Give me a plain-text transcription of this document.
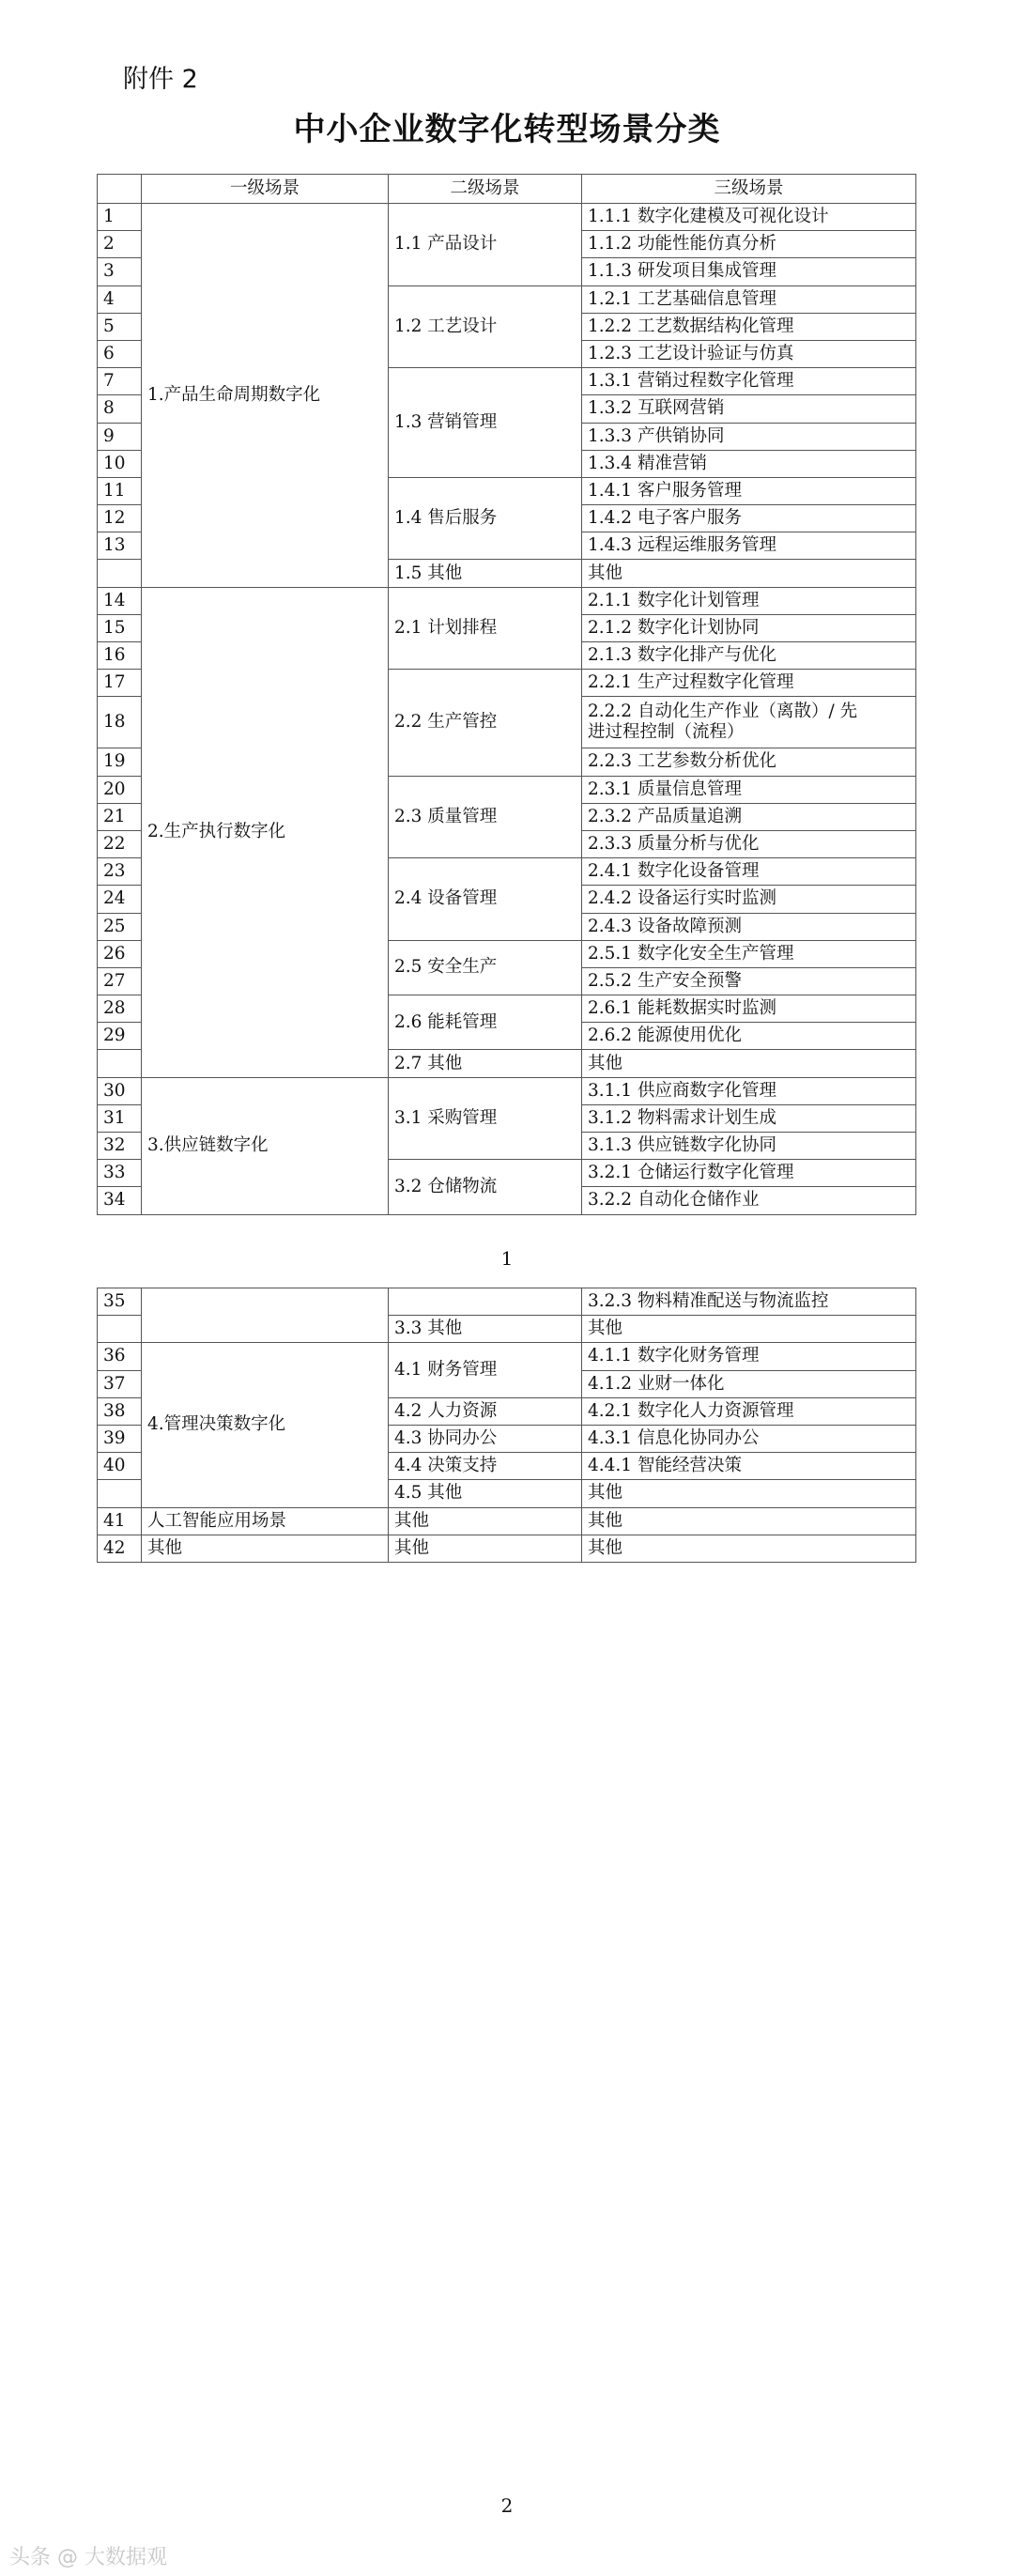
附件 2
中小企业数字化转型场景分类
	一级场景	二级场景	三级场景
1	1.产品生命周期数字化	1.1 产品设计	1.1.1 数字化建模及可视化设计
2			1.1.2 功能性能仿真分析
3			1.1.3 研发项目集成管理
4		1.2 工艺设计	1.2.1 工艺基础信息管理
5			1.2.2 工艺数据结构化管理
6			1.2.3 工艺设计验证与仿真
7		1.3 营销管理	1.3.1 营销过程数字化管理
8			1.3.2 互联网营销
9			1.3.3 产供销协同
10			1.3.4 精准营销
11		1.4 售后服务	1.4.1 客户服务管理
12			1.4.2 电子客户服务
13			1.4.3 远程运维服务管理
		1.5 其他	其他
14	2.生产执行数字化	2.1 计划排程	2.1.1 数字化计划管理
15			2.1.2 数字化计划协同
16			2.1.3 数字化排产与优化
17		2.2 生产管控	2.2.1 生产过程数字化管理
18			2.2.2 自动化生产作业（离散）/ 先
进过程控制（流程）

19			2.2.3 工艺参数分析优化
20		2.3 质量管理	2.3.1 质量信息管理
21			2.3.2 产品质量追溯
22			2.3.3 质量分析与优化
23		2.4 设备管理	2.4.1 数字化设备管理
24			2.4.2 设备运行实时监测
25			2.4.3 设备故障预测
26		2.5 安全生产	2.5.1 数字化安全生产管理
27			2.5.2 生产安全预警
28		2.6 能耗管理	2.6.1 能耗数据实时监测
29			2.6.2 能源使用优化
		2.7 其他	其他
30	3.供应链数字化	3.1 采购管理	3.1.1 供应商数字化管理
31			3.1.2 物料需求计划生成
32			3.1.3 供应链数字化协同
33		3.2 仓储物流	3.2.1 仓储运行数字化管理
34			3.2.2 自动化仓储作业
1
35			3.2.3 物料精准配送与物流监控
		3.3 其他	其他
36	4.管理决策数字化	4.1 财务管理	4.1.1 数字化财务管理
37			4.1.2 业财一体化
38		4.2 人力资源	4.2.1 数字化人力资源管理
39		4.3 协同办公	4.3.1 信息化协同办公
40		4.4 决策支持	4.4.1 智能经营决策
		4.5 其他	其他
41	人工智能应用场景	其他	其他
42	其他	其他	其他
2
头条 @ 大数据观
